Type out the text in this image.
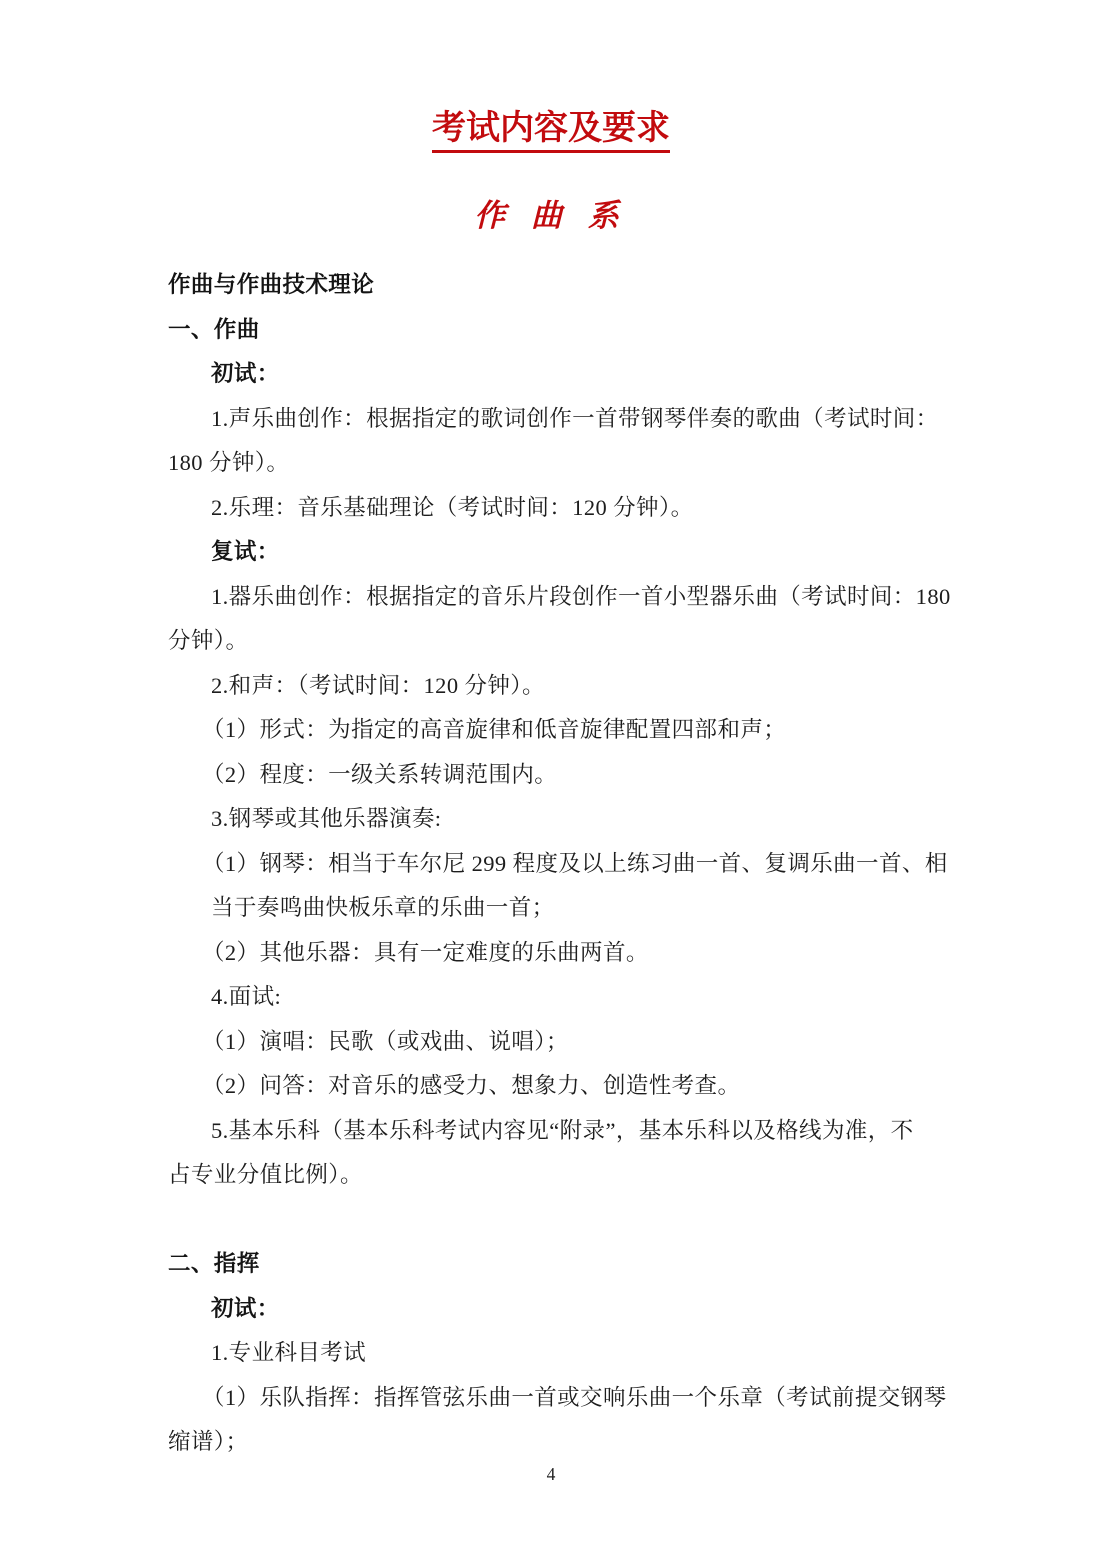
考试内容及要求
作 曲 系
作曲与作曲技术理论
一、作曲
初试：
1.声乐曲创作：根据指定的歌词创作一首带钢琴伴奏的歌曲（考试时间：
180 分钟）。
2.乐理：音乐基础理论（考试时间：120 分钟）。
复试：
1.器乐曲创作：根据指定的音乐片段创作一首小型器乐曲（考试时间：180
分钟）。
2.和声：（考试时间：120 分钟）。
（1）形式：为指定的高音旋律和低音旋律配置四部和声；
（2）程度：一级关系转调范围内。
3.钢琴或其他乐器演奏:
（1）钢琴：相当于车尔尼 299 程度及以上练习曲一首、复调乐曲一首、相
当于奏鸣曲快板乐章的乐曲一首；
（2）其他乐器：具有一定难度的乐曲两首。
4.面试:
（1）演唱：民歌（或戏曲、说唱）；
（2）问答：对音乐的感受力、想象力、创造性考查。
5.基本乐科（基本乐科考试内容见“附录”，基本乐科以及格线为准，不
占专业分值比例）。
二、指挥
初试：
1.专业科目考试
（1）乐队指挥：指挥管弦乐曲一首或交响乐曲一个乐章（考试前提交钢琴
缩谱）；
4
